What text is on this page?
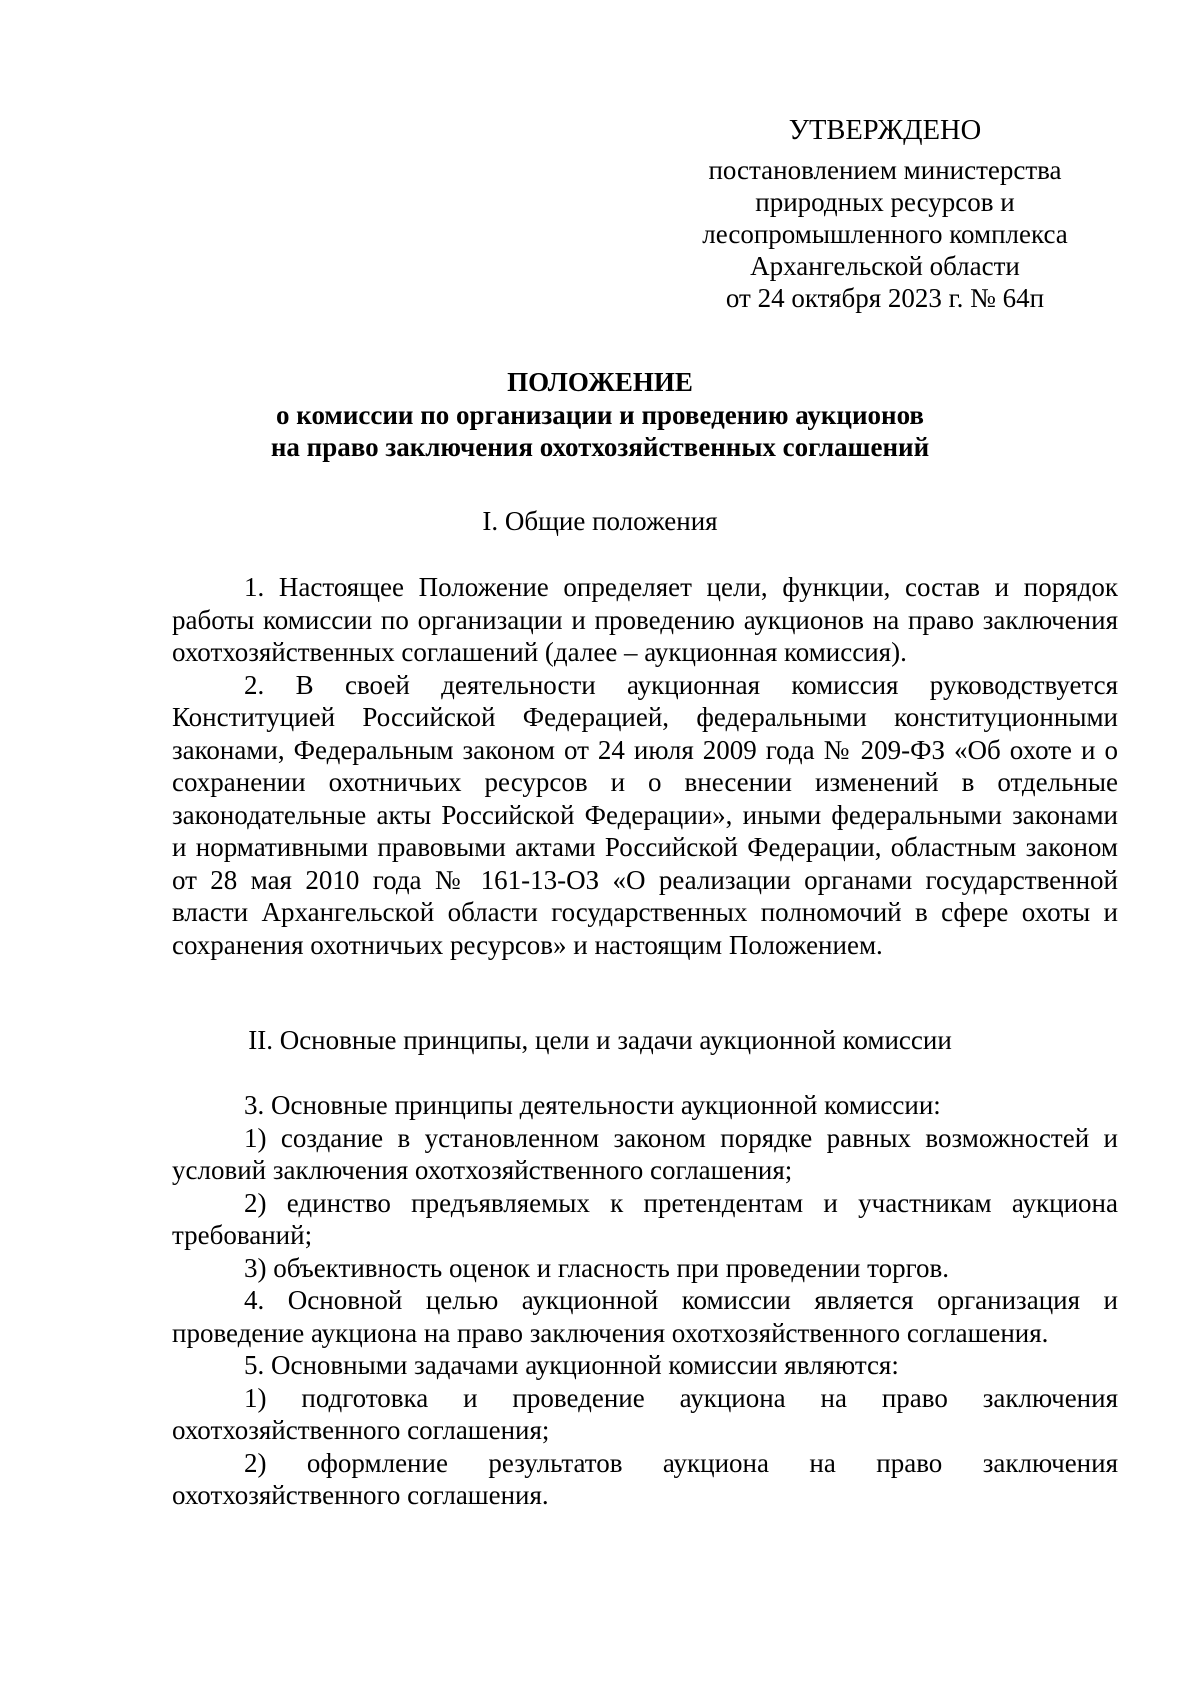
УТВЕРЖДЕНО
постановлением министерства
природных ресурсов и
лесопромышленного комплекса
Архангельской области
от 24 октября 2023 г. № 64п
ПОЛОЖЕНИЕ
о комиссии по организации и проведению аукционов
на право заключения охотхозяйственных соглашений
I. Общие положения

1. Настоящее Положение определяет цели, функции, состав и порядок работы комиссии по организации и проведению аукционов на право заключения охотхозяйственных соглашений (далее – аукционная комиссия).

2. В своей деятельности аукционная комиссия руководствуется Конституцией Российской Федерацией, федеральными конституционными законами, Федеральным законом от 24 июля 2009 года № 209-ФЗ «Об охоте и о сохранении охотничьих ресурсов и о внесении изменений в отдельные законодательные акты Российской Федерации», иными федеральными законами и нормативными правовыми актами Российской Федерации, областным законом от 28 мая 2010 года № 161-13-ОЗ «О реализации органами государственной власти Архангельской области государственных полномочий в сфере охоты и сохранения охотничьих ресурсов» и настоящим Положением.

II. Основные принципы, цели и задачи аукционной комиссии

3. Основные принципы деятельности аукционной комиссии:

1) создание в установленном законом порядке равных возможностей и условий заключения охотхозяйственного соглашения;

2) единство предъявляемых к претендентам и участникам аукциона требований;

3) объективность оценок и гласность при проведении торгов.

4. Основной целью аукционной комиссии является организация и проведение аукциона на право заключения охотхозяйственного соглашения.

5. Основными задачами аукционной комиссии являются:

1) подготовка и проведение аукциона на право заключения охотхозяйственного соглашения;

2) оформление результатов аукциона на право заключения охотхозяйственного соглашения.
